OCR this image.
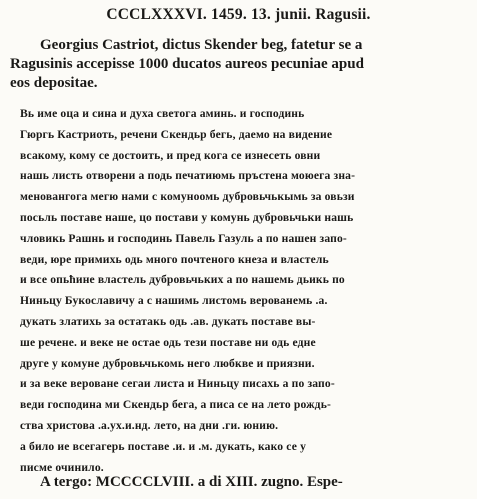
CCCLXXXVI. 1459. 13. junii. Ragusii.
Georgius Castriot, dictus Skender beg, fatetur se a
Ragusinis accepisse 1000 ducatos aureos pecuniae apud
eos depositae.
Вь име оца и сина и духа светога аминь. и господинь
Гюргь Кастриоть, речени Скендьр бегь, даемо на видение
всакому, кому се достоить, и пред кога се изнесеть овни
нашь листь отворени а подь печатиюмь пръстена моюега зна-
меновангога мегю нами с комуноомь дубровьчькымь за овьзи
посьль поставе наше, цо постави у комунь дубровьчьки нашь
чловикь Рашнь и господинь Павель Газуль а по нашен запо-
веди, юре примихь одь много почтеного кнеза и властель
и все опьћине властель дубровьчьких а по нашемь дьикь по
Ниньцу Букославичу а с нашимь листомь верованемь .а.
дукать златихь за остатакь одь .ав. дукать поставе вы-
ше речене. и веке не остае одь тези поставе ни одь едне
друге у комуне дубровьчькомь него любкве и приязни.
и за веке вероване сегаи листа и Ниньцу писахь а по запо-
веди господина ми Скендьр бега, а писа се на лето рождь-
ства христова .а.ух.и.нд. лето, на дни .ги. юнию.
а било ие всегагерь поставе .и. и .м. дукать, како се у
писме очинило.
A tergo: MCCCCLVIII. a di XIII. zugno. Espe-
